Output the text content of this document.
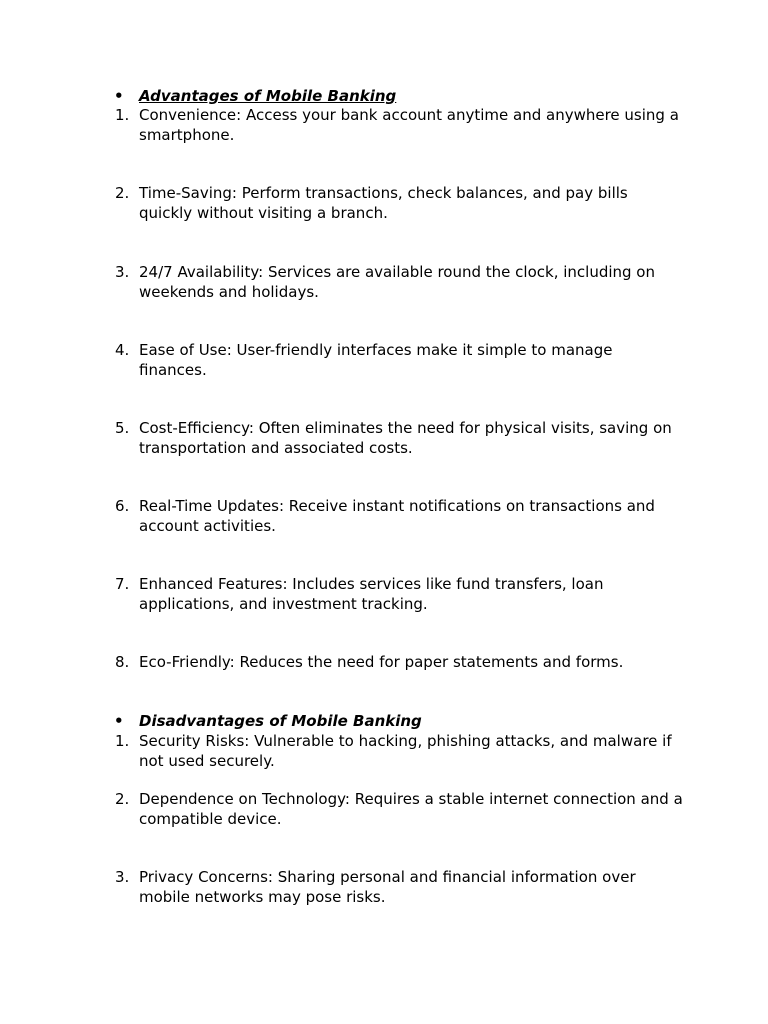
•	Advantages of Mobile Banking
1. Convenience: Access your bank account anytime and anywhere using a smartphone.
2. Time-Saving: Perform transactions, check balances, and pay bills quickly without visiting a branch.
3. 24/7 Availability: Services are available round the clock, including on weekends and holidays.
4. Ease of Use: User-friendly interfaces make it simple to manage finances.
5. Cost-Efficiency: Often eliminates the need for physical visits, saving on transportation and associated costs.
6. Real-Time Updates: Receive instant notifications on transactions and account activities.
7. Enhanced Features: Includes services like fund transfers, loan applications, and investment tracking.
8. Eco-Friendly: Reduces the need for paper statements and forms.
•	Disadvantages of Mobile Banking
1. Security Risks: Vulnerable to hacking, phishing attacks, and malware if not used securely.
2. Dependence on Technology: Requires a stable internet connection and a compatible device.
3. Privacy Concerns: Sharing personal and financial information over mobile networks may pose risks.
